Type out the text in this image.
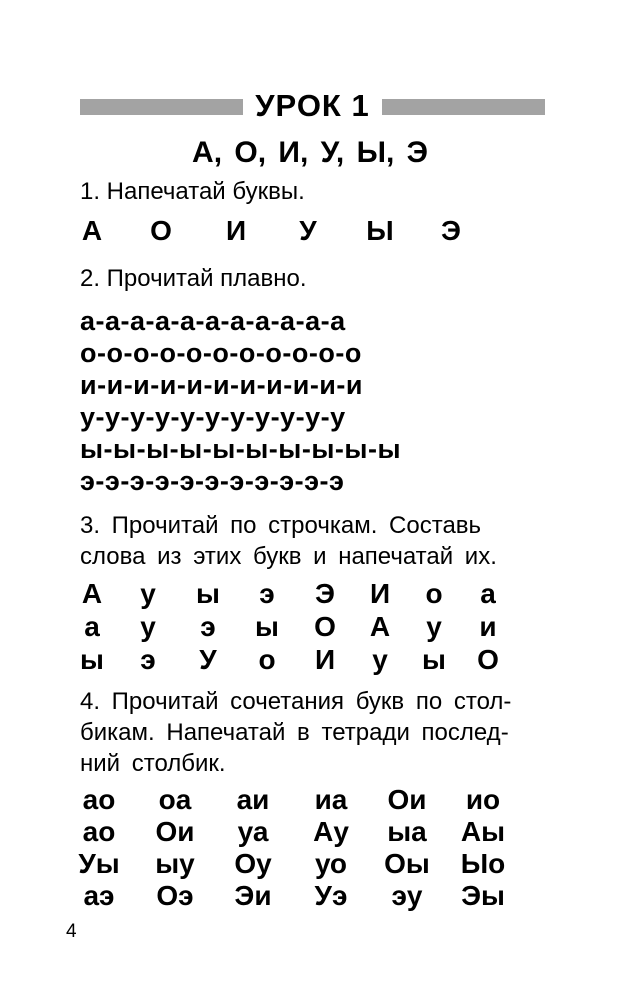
УРОК 1
А, О, И, У, Ы, Э
1. Напечатай буквы.
А	О	И	У	Ы	Э
2. Прочитай плавно.
а-а-а-а-а-а-а-а-а-а-а
о-о-о-о-о-о-о-о-о-о-о
и-и-и-и-и-и-и-и-и-и-и
у-у-у-у-у-у-у-у-у-у-у
ы-ы-ы-ы-ы-ы-ы-ы-ы-ы
э-э-э-э-э-э-э-э-э-э-э
3. Прочитай по строчкам. Составь
слова из этих букв и напечатай их.
А	у	ы	э	Э	И	о	а
а	у	э	ы	О	А	у	и
ы	э	У	о	И	у	ы	О
4. Прочитай сочетания букв по стол-
бикам. Напечатай в тетради послед-
ний столбик.
ао	оа	аи	иа	Ои ио
ао	Ои	уа	Ау ыа Аы
Уы ыу Оу	уо	Оы Ыо
аэ	Оэ Эи	Уэ	эу	Эы
4
